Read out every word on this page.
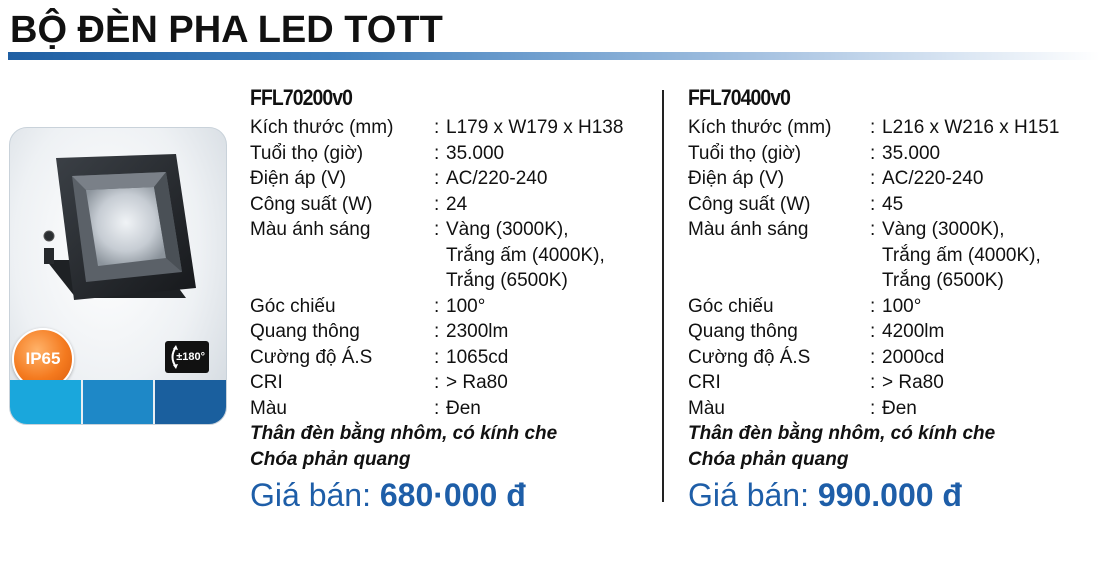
BỘ ĐÈN PHA LED TOTT
IP65	±180°
FFL70200v0
Kích thước (mm)	: L179 x W179 x H138
Tuổi thọ (giờ)	: 35.000
Điện áp (V)	: AC/220-240
Công suất (W)	: 24
Màu ánh sáng	: Vàng (3000K),
Trắng ấm (4000K),
Trắng (6500K)
Góc chiếu	: 100°
Quang thông	: 2300lm
Cường độ Á.S	: 1065cd
CRI	: > Ra80
Màu	: Đen
Thân đèn bằng nhôm, có kính che
Chóa phản quang
Giá bán: 680·000 đ
FFL70400v0
Kích thước (mm)	: L216 x W216 x H151
Tuổi thọ (giờ)	: 35.000
Điện áp (V)	: AC/220-240
Công suất (W)	: 45
Màu ánh sáng	: Vàng (3000K),
Trắng ấm (4000K),
Trắng (6500K)
Góc chiếu	: 100°
Quang thông	: 4200lm
Cường độ Á.S	: 2000cd
CRI	: > Ra80
Màu	: Đen
Thân đèn bằng nhôm, có kính che
Chóa phản quang
Giá bán: 990.000 đ
